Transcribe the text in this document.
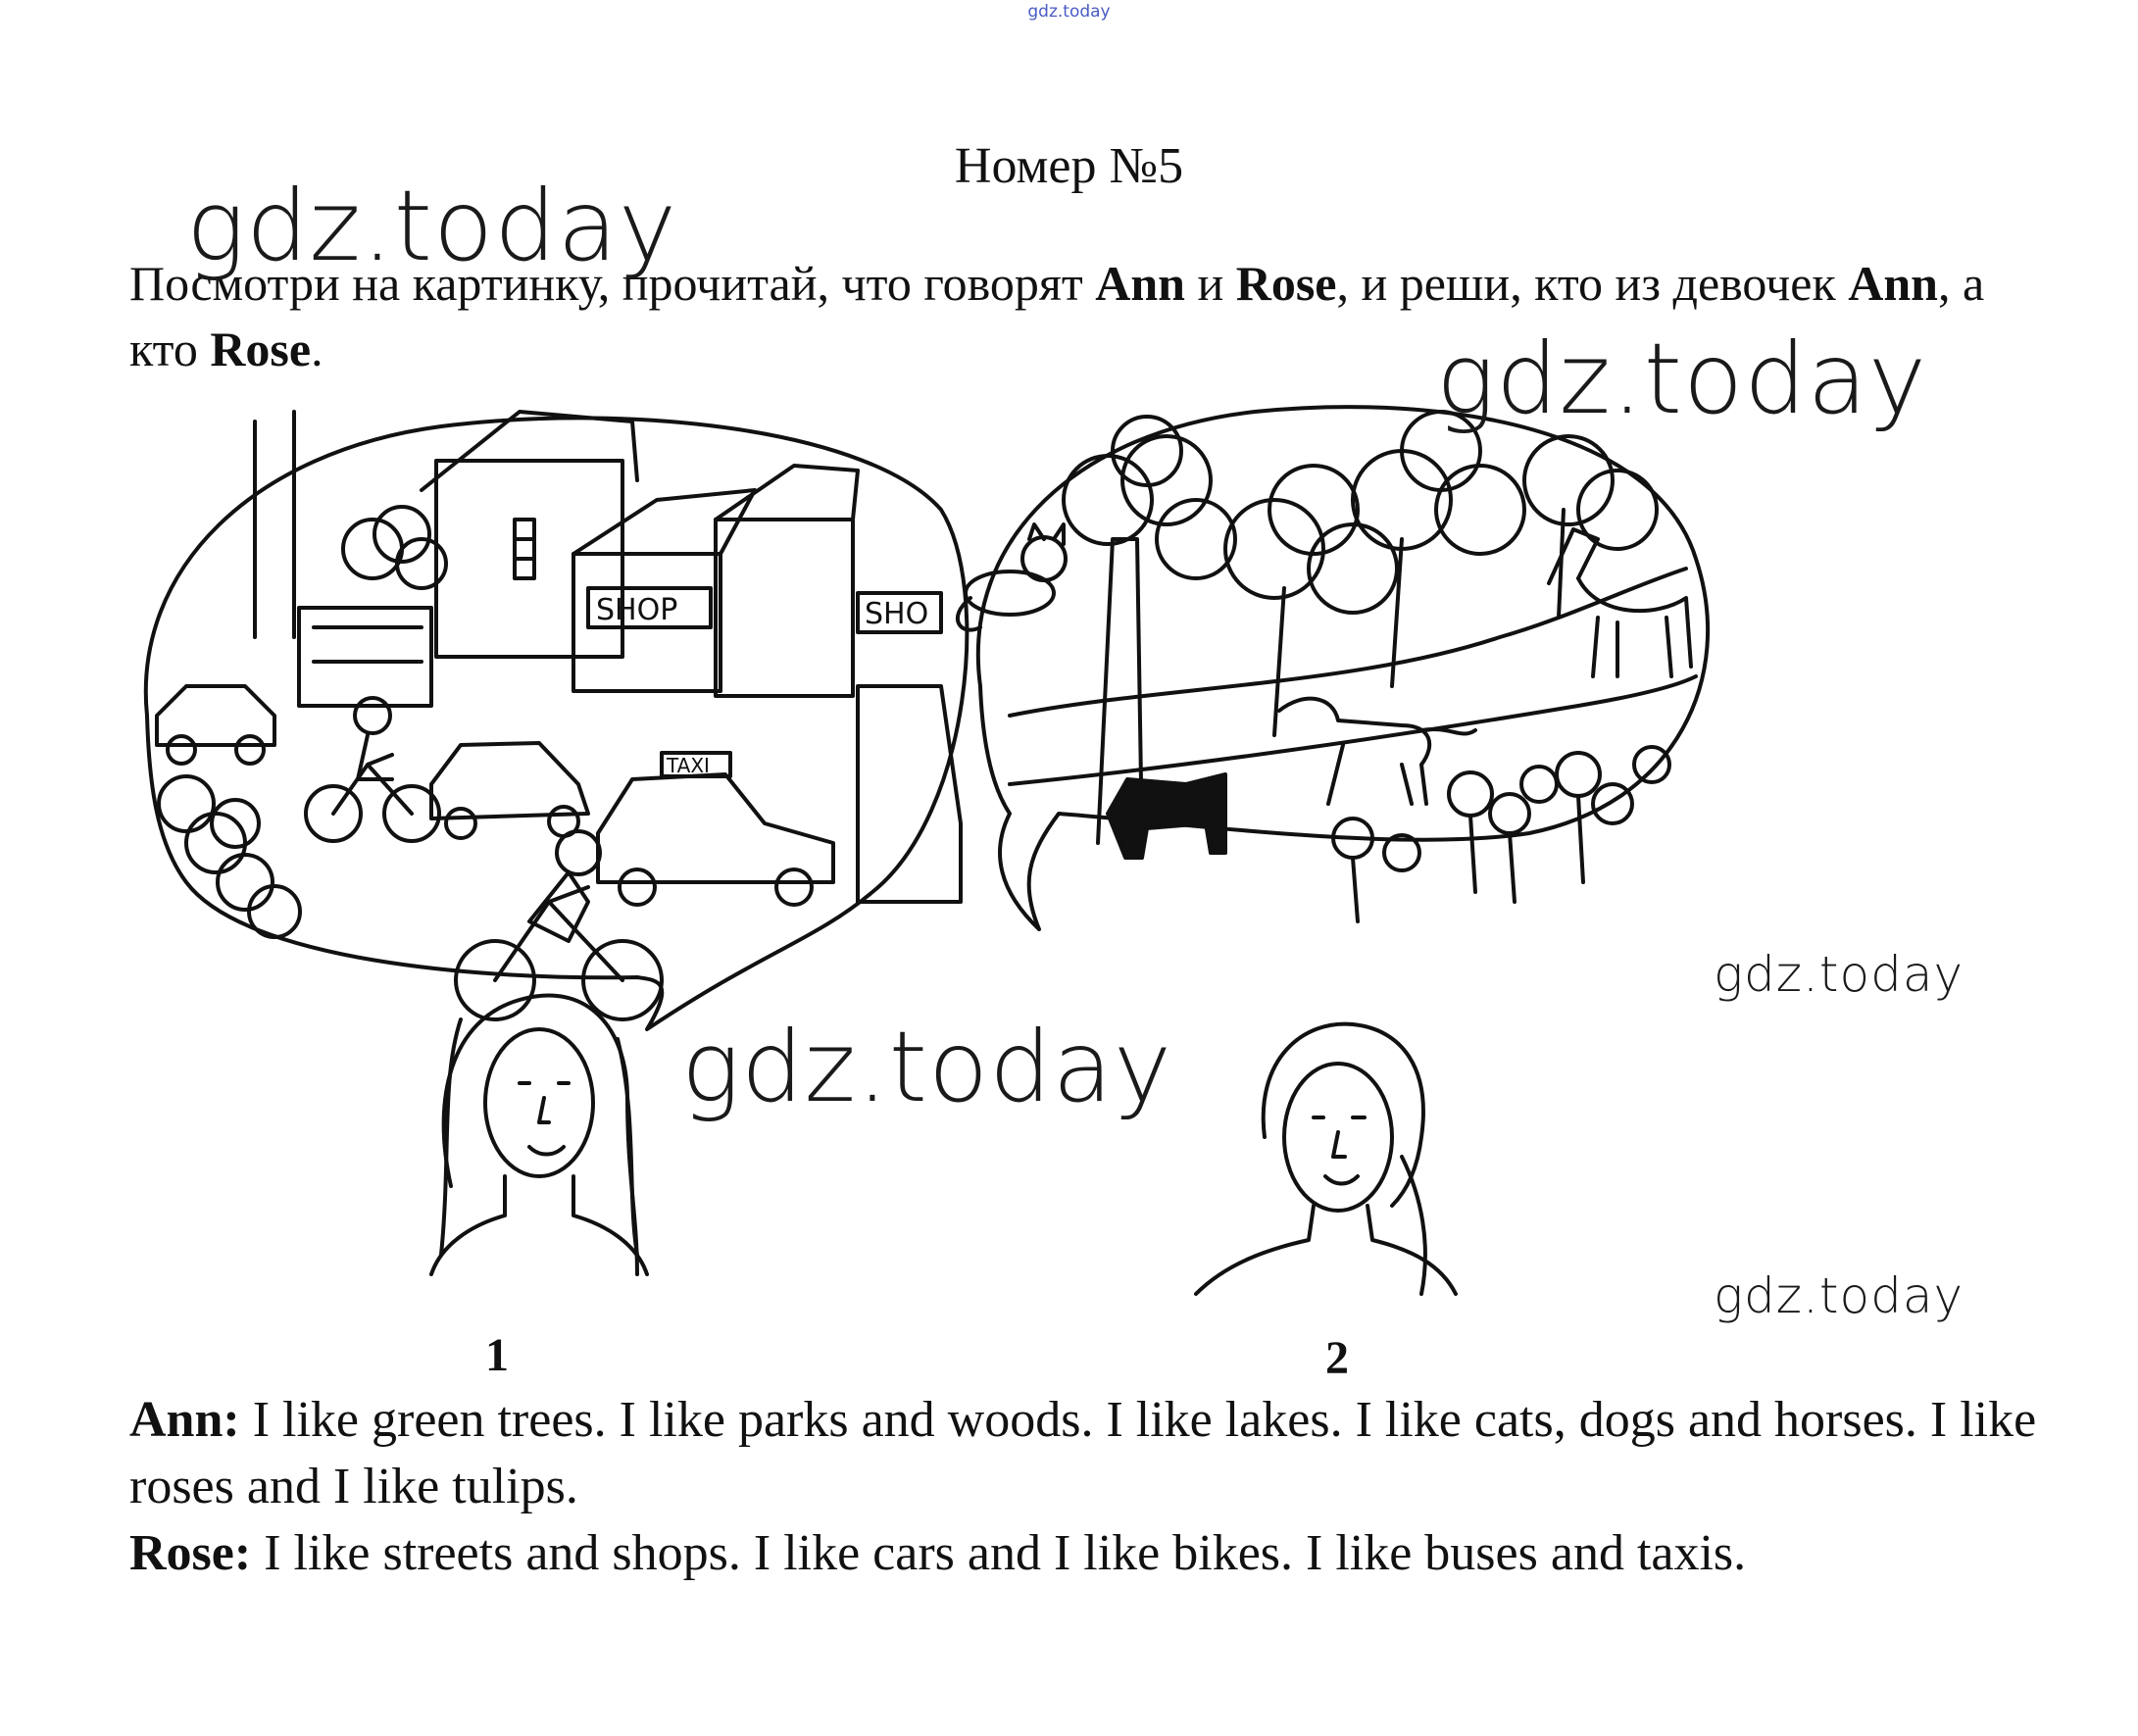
gdz.today
Номер №5

Посмотри на картинку, прочитай, что говорят Ann и Rose, и реши, кто из девочек Ann, а кто Rose.

SHOP	SHO
TAXI
1	2
gdz.today
gdz.today
gdz.today
gdz.today
gdz.today

Ann: I like green trees. I like parks and woods. I like lakes. I like cats, dogs and horses. I like roses and I like tulips.

Rose: I like streets and shops. I like cars and I like bikes. I like buses and taxis.
